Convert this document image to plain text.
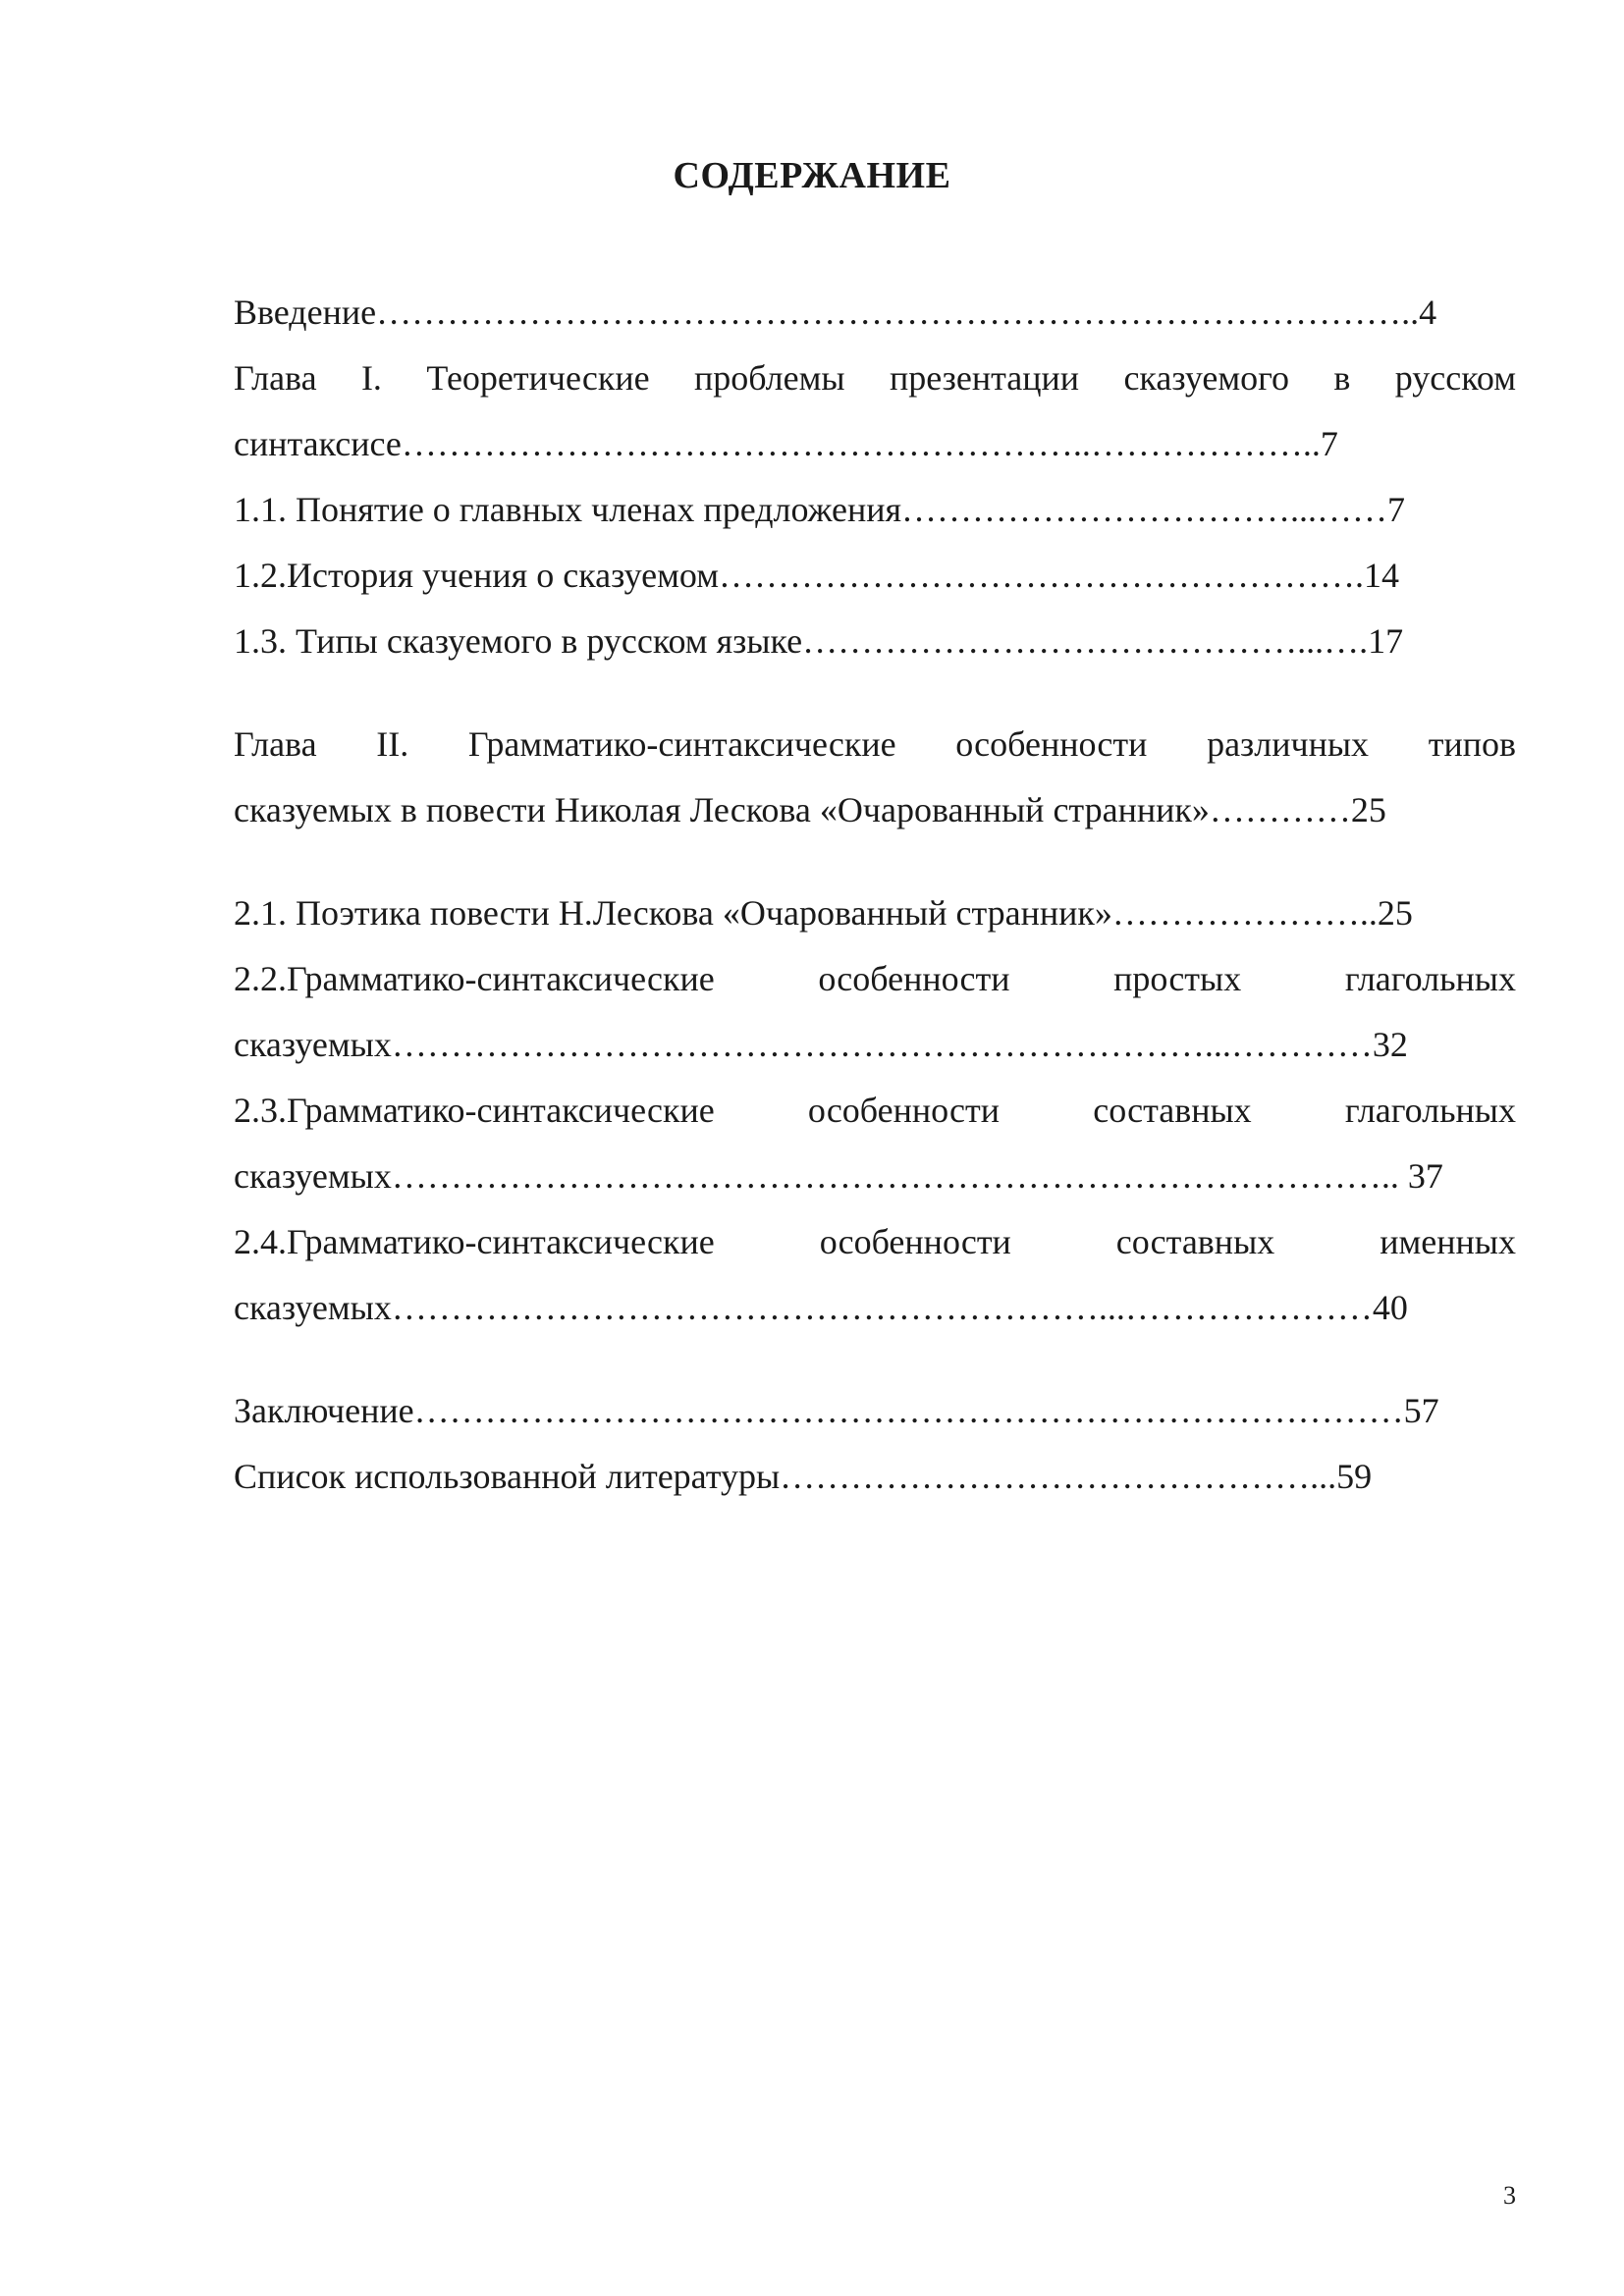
СОДЕРЖАНИЕ
Введение……………………………………………………………………………..4
Глава I. Теоретические проблемы презентации сказуемого в русском
синтаксисе…………………………………………………..………………..7
1.1. Понятие о главных членах предложения……………………………...……7
1.2.История учения о сказуемом……………………………………………….14
1.3. Типы сказуемого в русском языке……………………………………...….17
Глава II. Грамматико-синтаксические особенности различных типов
сказуемых в повести Николая Лескова «Очарованный странник»…………25
2.1. Поэтика повести Н.Лескова «Очарованный странник»…………………..25
2.2.Грамматико-синтаксические особенности простых глагольных
сказуемых……………………………………………………………...…………32
2.3.Грамматико-синтаксические особенности составных глагольных
сказуемых………………………………………………………………………….. 37
2.4.Грамматико-синтаксические особенности составных именных
сказуемых……………………………………………………...…………………40
Заключение…………………………………………………………………………57
Список использованной литературы………………………………………...59
3
